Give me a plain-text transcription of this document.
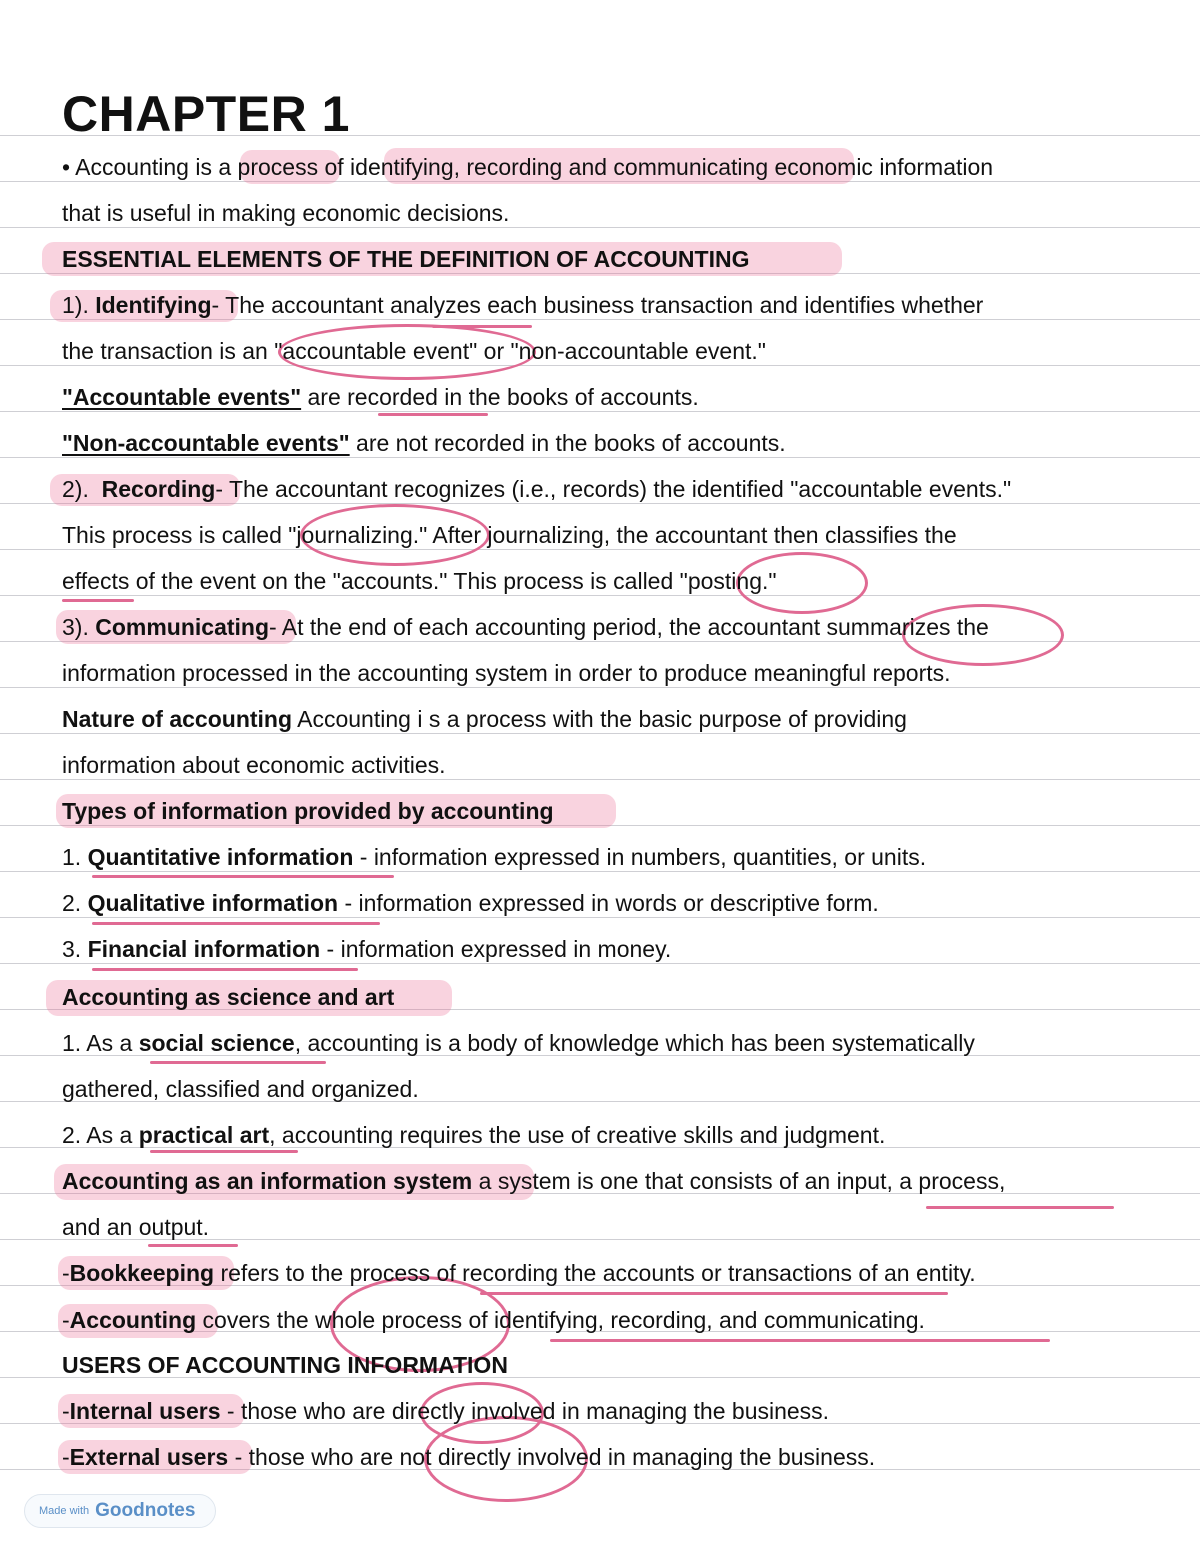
CHAPTER 1
• Accounting is a process of identifying, recording and communicating economic information
that is useful in making economic decisions.
ESSENTIAL ELEMENTS OF THE DEFINITION OF ACCOUNTING
1). Identifying- The accountant analyzes each business transaction and identifies whether
the transaction is an "accountable event" or "non-accountable event."
"Accountable events" are recorded in the books of accounts.
"Non-accountable events" are not recorded in the books of accounts.
2).  Recording- The accountant recognizes (i.e., records) the identified "accountable events."
This process is called "journalizing." After journalizing, the accountant then classifies the
effects of the event on the "accounts." This process is called "posting."
3). Communicating- At the end of each accounting period, the accountant summarizes the
information processed in the accounting system in order to produce meaningful reports.
Nature of accounting Accounting i s a process with the basic purpose of providing
information about economic activities.
Types of information provided by accounting
1. Quantitative information - information expressed in numbers, quantities, or units.
2. Qualitative information - information expressed in words or descriptive form.
3. Financial information - information expressed in money.
Accounting as science and art
1. As a social science, accounting is a body of knowledge which has been systematically
gathered, classified and organized.
2. As a practical art, accounting requires the use of creative skills and judgment.
Accounting as an information system a system is one that consists of an input, a process,
and an output.
-Bookkeeping refers to the process of recording the accounts or transactions of an entity.
-Accounting covers the whole process of identifying, recording, and communicating.
USERS OF ACCOUNTING INFORMATION
-Internal users - those who are directly involved in managing the business.
-External users - those who are not directly involved in managing the business.
Made with Goodnotes
